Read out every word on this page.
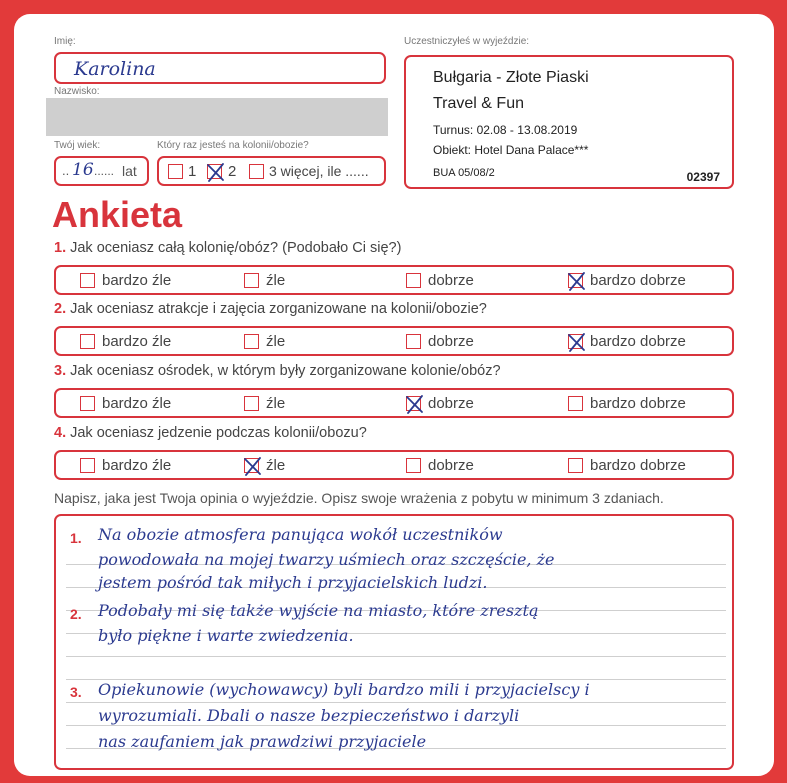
Imię:
Karolina
Nazwisko:
Twój wiek:
.. 16 ...... lat
Który raz jesteś na kolonii/obozie?
1 2 3 więcej, ile ......
Uczestniczyłeś w wyjeździe:
Bułgaria - Złote Piaski
Travel & Fun
Turnus: 02.08 - 13.08.2019
Obiekt: Hotel Dana Palace***
BUA 05/08/2	02397
Ankieta
1. Jak oceniasz całą kolonię/obóz? (Podobało Ci się?)
bardzo źle	źle	dobrze	bardzo dobrze
2. Jak oceniasz atrakcje i zajęcia zorganizowane na kolonii/obozie?
bardzo źle	źle	dobrze	bardzo dobrze
3. Jak oceniasz ośrodek, w którym były zorganizowane kolonie/obóz?
bardzo źle	źle	dobrze	bardzo dobrze
4. Jak oceniasz jedzenie podczas kolonii/obozu?
bardzo źle	źle	dobrze	bardzo dobrze
Napisz, jaka jest Twoja opinia o wyjeździe. Opisz swoje wrażenia z pobytu w minimum 3 zdaniach.
1.
2.
3.
Na obozie atmosfera panująca wokół uczestników
powodowała na mojej twarzy uśmiech oraz szczęście, że
jestem pośród tak miłych i przyjacielskich ludzi.
Podobały mi się także wyjście na miasto, które zresztą
było piękne i warte zwiedzenia.
Opiekunowie (wychowawcy) byli bardzo mili i przyjacielscy i
wyrozumiali. Dbali o nasze bezpieczeństwo i darzyli
nas zaufaniem jak prawdziwi przyjaciele
